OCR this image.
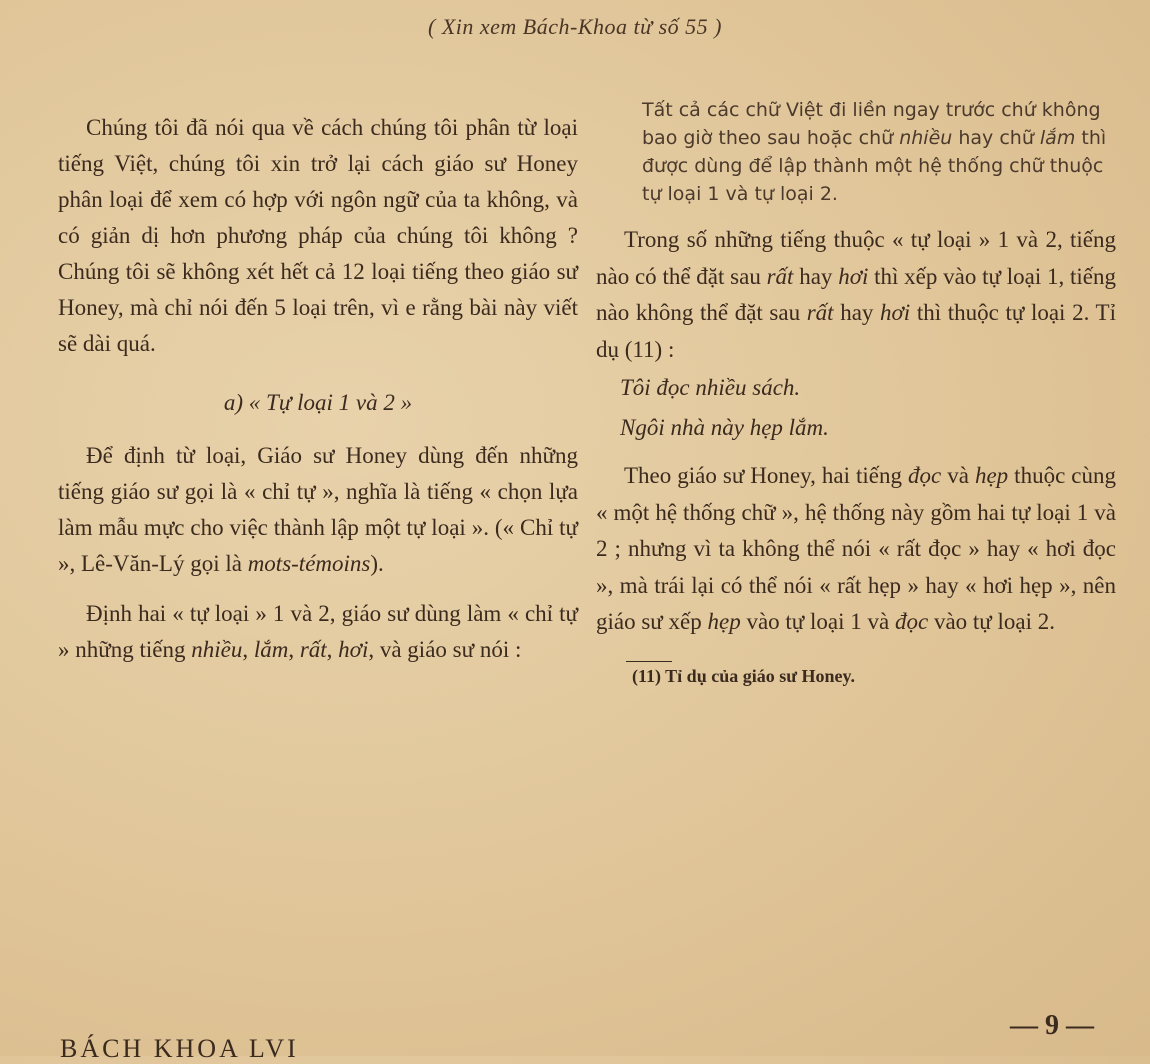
( Xin xem Bách-Khoa từ số 55 )

Chúng tôi đã nói qua về cách chúng tôi phân từ loại tiếng Việt, chúng tôi xin trở lại cách giáo sư Honey phân loại để xem có hợp với ngôn ngữ của ta không, và có giản dị hơn phương pháp của chúng tôi không ? Chúng tôi sẽ không xét hết cả 12 loại tiếng theo giáo sư Honey, mà chỉ nói đến 5 loại trên, vì e rằng bài này viết sẽ dài quá.

a) « Tự loại 1 và 2 »

Để định từ loại, Giáo sư Honey dùng đến những tiếng giáo sư gọi là « chỉ tự », nghĩa là tiếng « chọn lựa làm mẫu mực cho việc thành lập một tự loại ». (« Chỉ tự », Lê-Văn-Lý gọi là mots-témoins).

Định hai « tự loại » 1 và 2, giáo sư dùng làm « chỉ tự » những tiếng nhiều, lắm, rất, hơi, và giáo sư nói :

Tất cả các chữ Việt đi liền ngay trước chứ không bao giờ theo sau hoặc chữ nhiều hay chữ lắm thì được dùng để lập thành một hệ thống chữ thuộc tự loại 1 và tự loại 2.

Trong số những tiếng thuộc « tự loại » 1 và 2, tiếng nào có thể đặt sau rất hay hơi thì xếp vào tự loại 1, tiếng nào không thể đặt sau rất hay hơi thì thuộc tự loại 2. Tỉ dụ (11) :

Tôi đọc nhiều sách.

Ngôi nhà này hẹp lắm.

Theo giáo sư Honey, hai tiếng đọc và hẹp thuộc cùng « một hệ thống chữ », hệ thống này gồm hai tự loại 1 và 2 ; nhưng vì ta không thể nói « rất đọc » hay « hơi đọc », mà trái lại có thể nói « rất hẹp » hay « hơi hẹp », nên giáo sư xếp hẹp vào tự loại 1 và đọc vào tự loại 2.

(11) Tỉ dụ của giáo sư Honey.

BÁCH KHOA LVI
— 9 —
